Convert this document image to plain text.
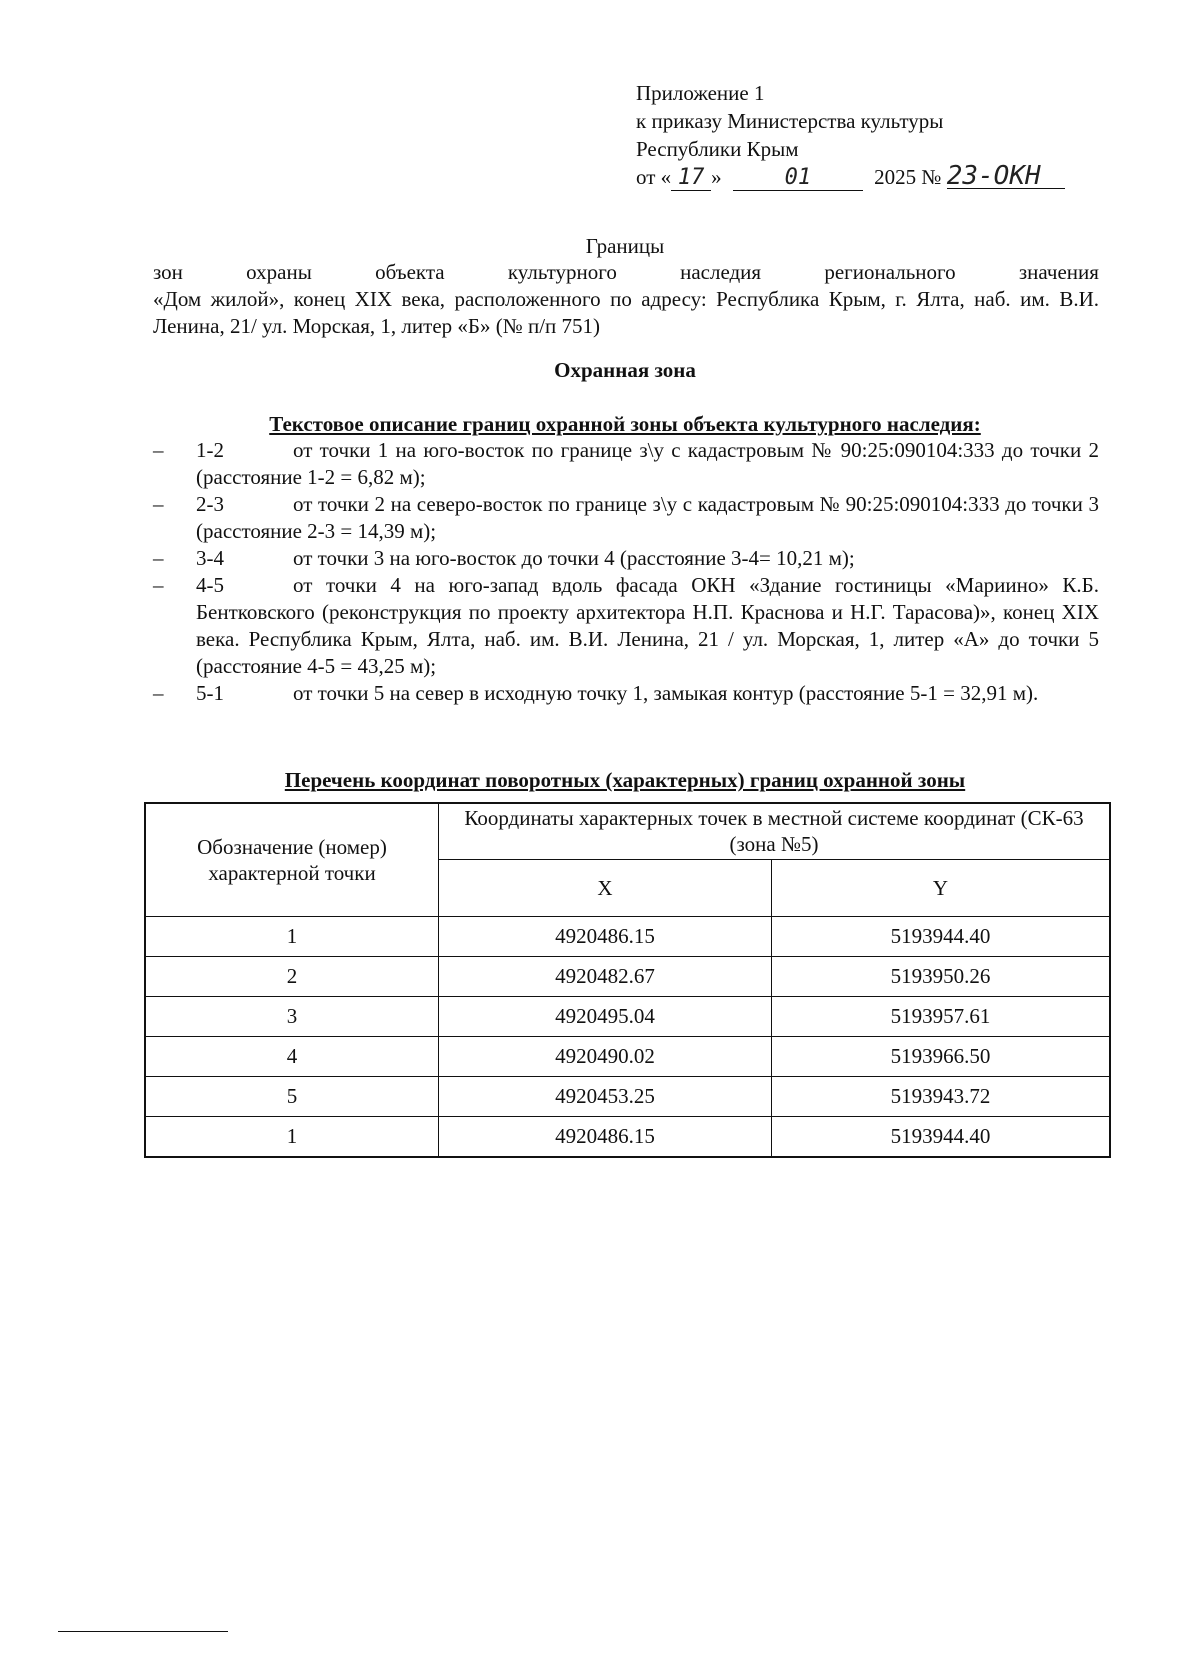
Приложение 1
к приказу Министерства культуры
Республики Крым
от « 17 »	01	2025 № 23-ОКН
Границы
зон	охраны	объекта	культурного	наследия	регионального	значения
«Дом жилой», конец XIX века, расположенного по адресу: Республика Крым, г. Ялта, наб. им. В.И. Ленина, 21/ ул. Морская, 1, литер «Б» (№ п/п 751)
Охранная зона
Текстовое описание границ охранной зоны объекта культурного наследия:
– 1-2	от точки 1 на юго-восток по границе з\у с кадастровым № 90:25:090104:333 до точки 2 (расстояние 1-2 = 6,82 м);
– 2-3	от точки 2 на северо-восток по границе з\у с кадастровым № 90:25:090104:333 до точки 3 (расстояние 2-3 = 14,39 м);
– 3-4	от точки 3 на юго-восток до точки 4 (расстояние 3-4= 10,21 м);
– 4-5	от точки 4 на юго-запад вдоль фасада ОКН «Здание гостиницы «Мариино» К.Б. Бентковского (реконструкция по проекту архитектора Н.П. Краснова и Н.Г. Тарасова)», конец XIX века. Республика Крым, Ялта, наб. им. В.И. Ленина, 21 / ул. Морская, 1, литер «А» до точки 5 (расстояние 4-5 = 43,25 м);
– 5-1	от точки 5 на север в исходную точку 1, замыкая контур (расстояние 5-1 = 32,91 м).
Перечень координат поворотных (характерных) границ охранной зоны
Обозначение (номер) характерной точки	Координаты характерных точек в местной системе координат (СК-63 (зона №5)	
	X	Y
1	4920486.15	5193944.40
2	4920482.67	5193950.26
3	4920495.04	5193957.61
4	4920490.02	5193966.50
5	4920453.25	5193943.72
1	4920486.15	5193944.40
